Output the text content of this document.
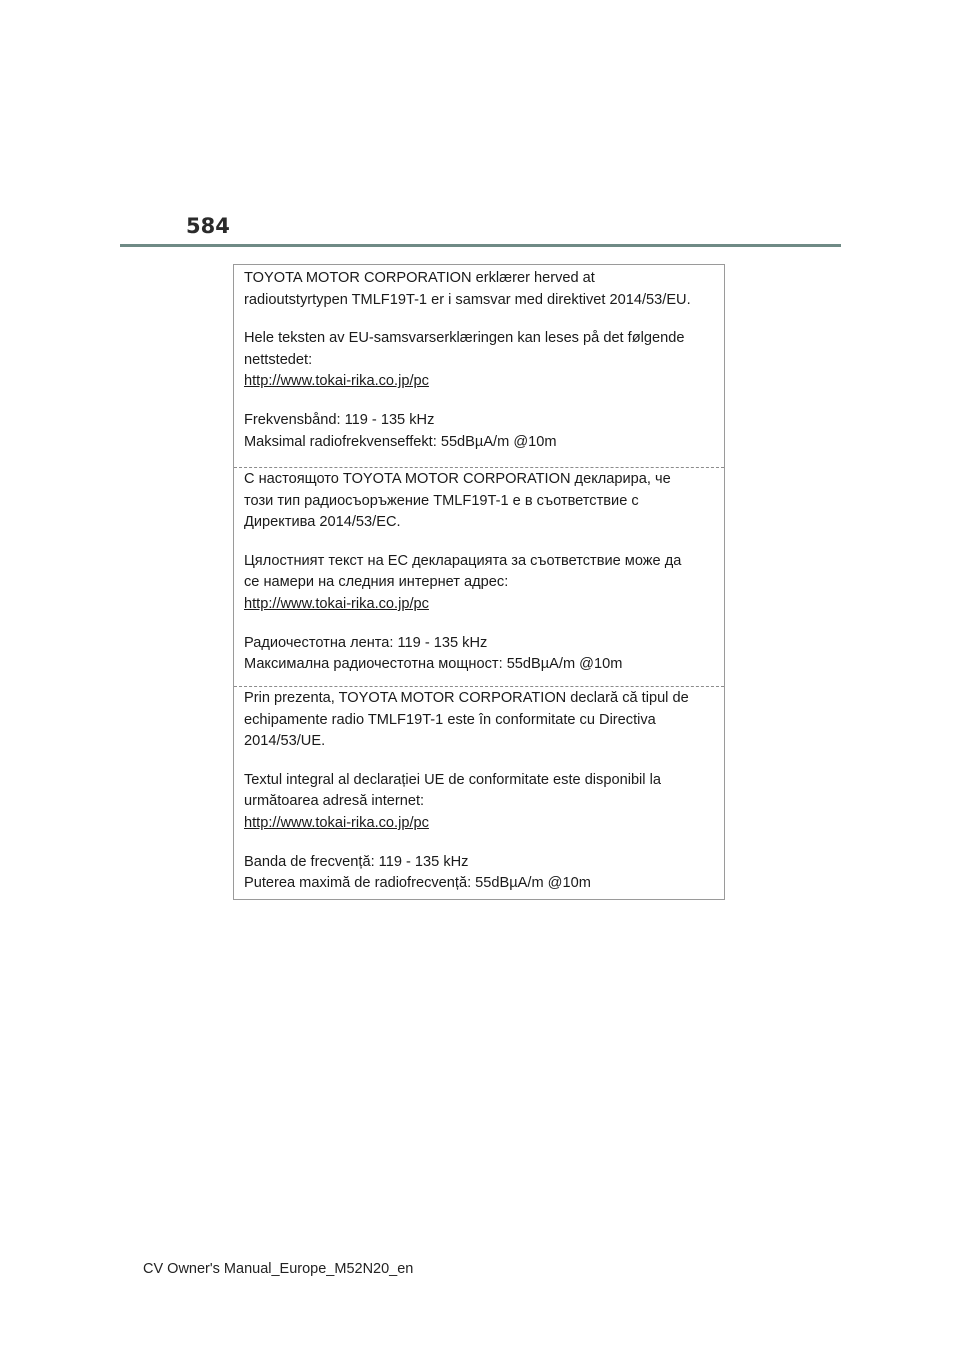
584

TOYOTA MOTOR CORPORATION erklærer herved at
radioutstyrtypen TMLF19T-1 er i samsvar med direktivet 2014/53/EU.

Hele teksten av EU-samsvarserklæringen kan leses på det følgende
nettstedet:
http://www.tokai-rika.co.jp/pc

Frekvensbånd: 119 - 135 kHz
Maksimal radiofrekvenseffekt: 55dBµA/m @10m

С настоящото TOYOTA MOTOR CORPORATION декларира, че
този тип радиосъоръжение TMLF19T-1 е в съответствие с
Директива 2014/53/ЕС.

Цялостният текст на ЕС декларацията за съответствие може да
се намери на следния интернет адрес:
http://www.tokai-rika.co.jp/pc

Радиочестотна лента: 119 - 135 kHz
Максимална радиочестотна мощност: 55dBµA/m @10m

Prin prezenta, TOYOTA MOTOR CORPORATION declară că tipul de
echipamente radio TMLF19T-1 este în conformitate cu Directiva
2014/53/UE.

Textul integral al declarației UE de conformitate este disponibil la
următoarea adresă internet:
http://www.tokai-rika.co.jp/pc

Banda de frecvență: 119 - 135 kHz
Puterea maximă de radiofrecvență: 55dBµA/m @10m

CV Owner's Manual_Europe_M52N20_en
